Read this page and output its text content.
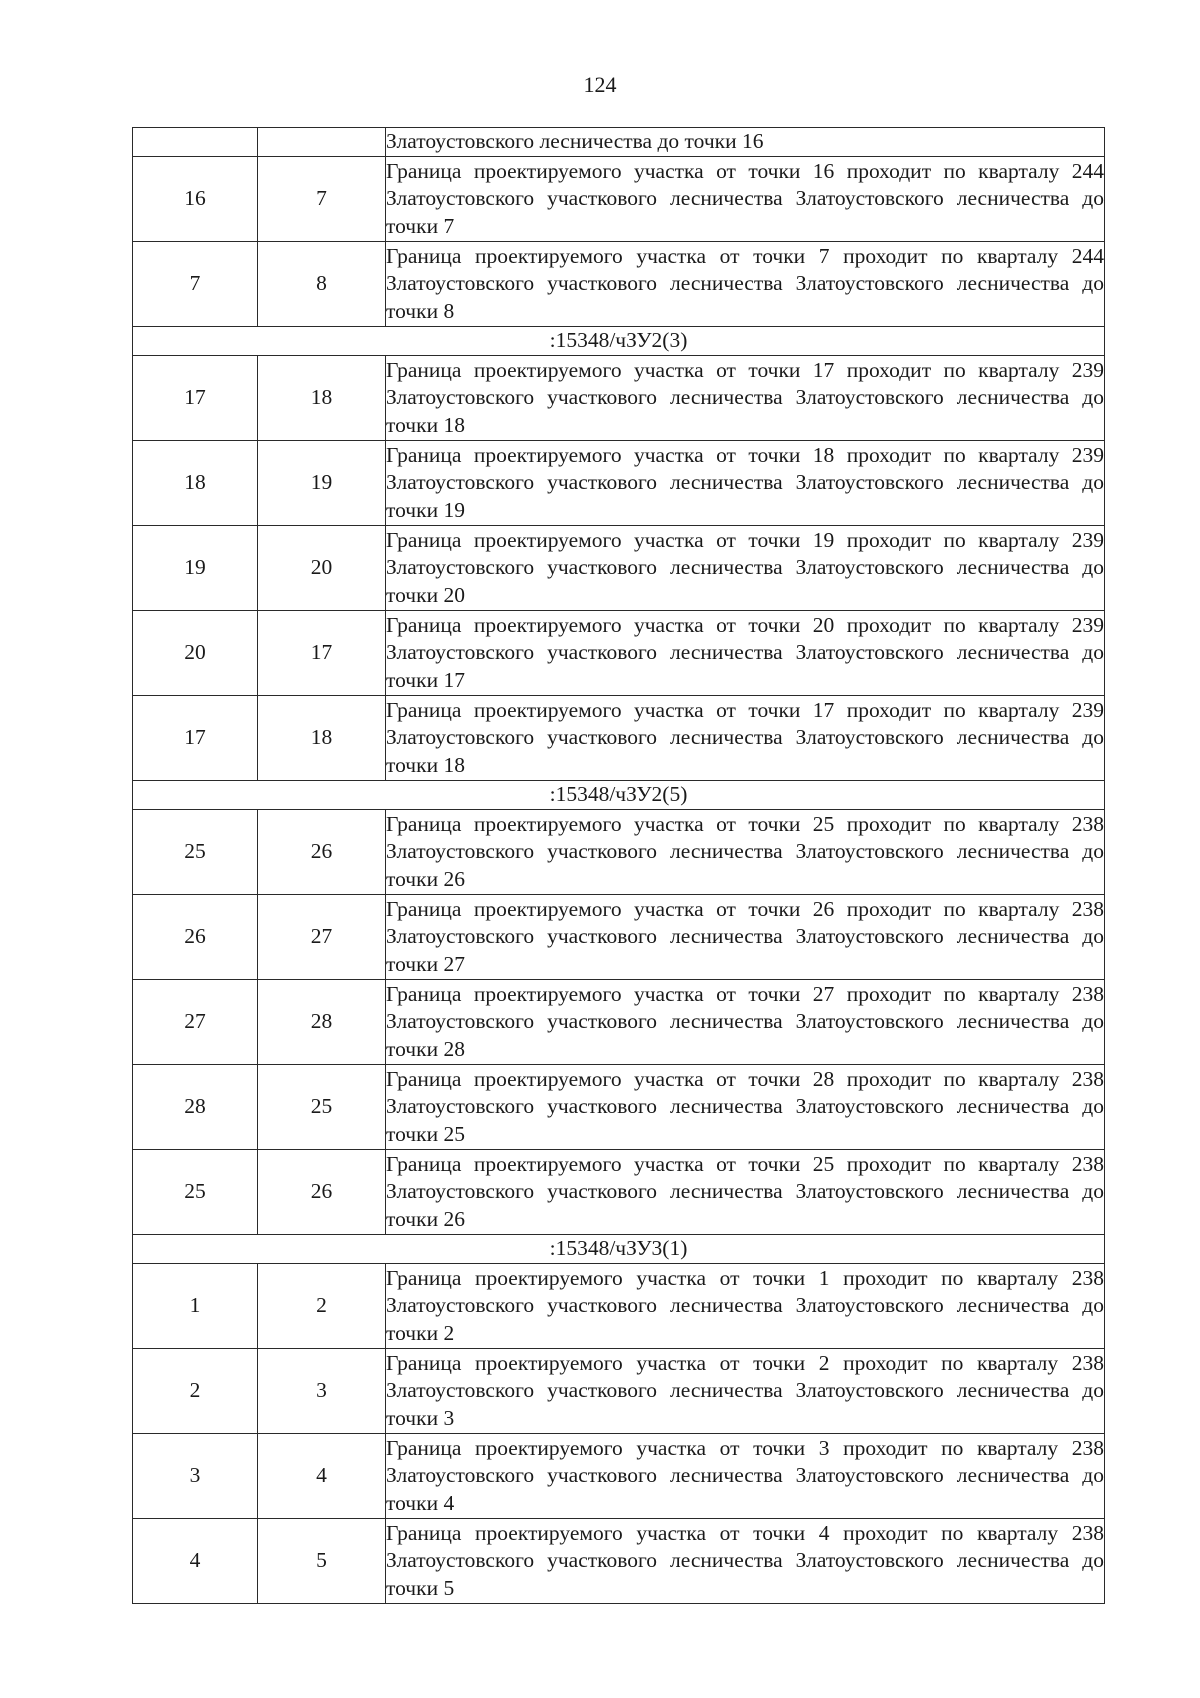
124
		Златоустовского лесничества до точки 16
16	7	Граница проектируемого участка от точки 16 проходит по кварталу 244 Златоустовского участкового лесничества Златоустовского лесничества до точки 7
7	8	Граница проектируемого участка от точки 7 проходит по кварталу 244 Златоустовского участкового лесничества Златоустовского лесничества до точки 8
:15348/чЗУ2(3)		
17	18	Граница проектируемого участка от точки 17 проходит по кварталу 239 Златоустовского участкового лесничества Златоустовского лесничества до точки 18
18	19	Граница проектируемого участка от точки 18 проходит по кварталу 239 Златоустовского участкового лесничества Златоустовского лесничества до точки 19
19	20	Граница проектируемого участка от точки 19 проходит по кварталу 239 Златоустовского участкового лесничества Златоустовского лесничества до точки 20
20	17	Граница проектируемого участка от точки 20 проходит по кварталу 239 Златоустовского участкового лесничества Златоустовского лесничества до точки 17
17	18	Граница проектируемого участка от точки 17 проходит по кварталу 239 Златоустовского участкового лесничества Златоустовского лесничества до точки 18
:15348/чЗУ2(5)		
25	26	Граница проектируемого участка от точки 25 проходит по кварталу 238 Златоустовского участкового лесничества Златоустовского лесничества до точки 26
26	27	Граница проектируемого участка от точки 26 проходит по кварталу 238 Златоустовского участкового лесничества Златоустовского лесничества до точки 27
27	28	Граница проектируемого участка от точки 27 проходит по кварталу 238 Златоустовского участкового лесничества Златоустовского лесничества до точки 28
28	25	Граница проектируемого участка от точки 28 проходит по кварталу 238 Златоустовского участкового лесничества Златоустовского лесничества до точки 25
25	26	Граница проектируемого участка от точки 25 проходит по кварталу 238 Златоустовского участкового лесничества Златоустовского лесничества до точки 26
:15348/чЗУ3(1)		
1	2	Граница проектируемого участка от точки 1 проходит по кварталу 238 Златоустовского участкового лесничества Златоустовского лесничества до точки 2
2	3	Граница проектируемого участка от точки 2 проходит по кварталу 238 Златоустовского участкового лесничества Златоустовского лесничества до точки 3
3	4	Граница проектируемого участка от точки 3 проходит по кварталу 238 Златоустовского участкового лесничества Златоустовского лесничества до точки 4
4	5	Граница проектируемого участка от точки 4 проходит по кварталу 238 Златоустовского участкового лесничества Златоустовского лесничества до точки 5
